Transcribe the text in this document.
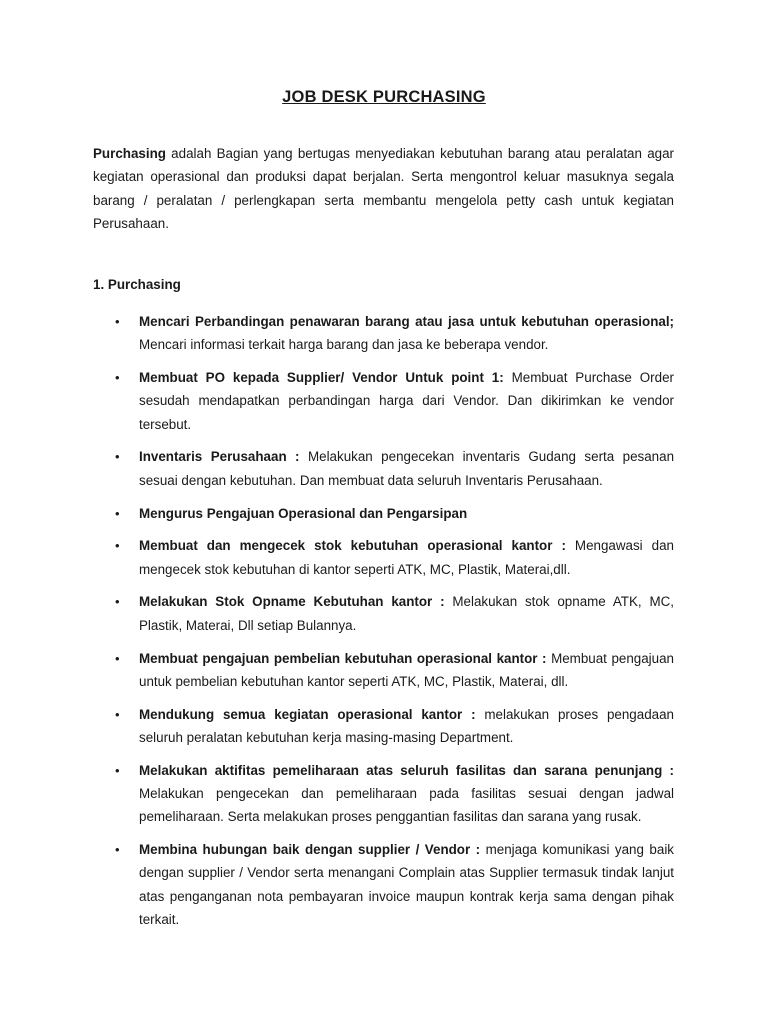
JOB DESK PURCHASING

Purchasing adalah Bagian yang bertugas menyediakan kebutuhan barang atau peralatan agar kegiatan operasional dan produksi dapat berjalan. Serta mengontrol keluar masuknya segala barang / peralatan / perlengkapan serta membantu mengelola petty cash untuk kegiatan Perusahaan.

1. Purchasing

• Mencari Perbandingan penawaran barang atau jasa untuk kebutuhan operasional; Mencari informasi terkait harga barang dan jasa ke beberapa vendor.
• Membuat PO kepada Supplier/ Vendor Untuk point 1: Membuat Purchase Order sesudah mendapatkan perbandingan harga dari Vendor. Dan dikirimkan ke vendor tersebut.
• Inventaris Perusahaan : Melakukan pengecekan inventaris Gudang serta pesanan sesuai dengan kebutuhan. Dan membuat data seluruh Inventaris Perusahaan.
• Mengurus Pengajuan Operasional dan Pengarsipan
• Membuat dan mengecek stok kebutuhan operasional kantor : Mengawasi dan mengecek stok kebutuhan di kantor seperti ATK, MC, Plastik, Materai,dll.
• Melakukan Stok Opname Kebutuhan kantor : Melakukan stok opname ATK, MC, Plastik, Materai, Dll setiap Bulannya.
• Membuat pengajuan pembelian kebutuhan operasional kantor : Membuat pengajuan untuk pembelian kebutuhan kantor seperti ATK, MC, Plastik, Materai, dll.
• Mendukung semua kegiatan operasional kantor : melakukan proses pengadaan seluruh peralatan kebutuhan kerja masing-masing Department.
• Melakukan aktifitas pemeliharaan atas seluruh fasilitas dan sarana penunjang : Melakukan pengecekan dan pemeliharaan pada fasilitas sesuai dengan jadwal pemeliharaan. Serta melakukan proses penggantian fasilitas dan sarana yang rusak.
• Membina hubungan baik dengan supplier / Vendor : menjaga komunikasi yang baik dengan supplier / Vendor serta menangani Complain atas Supplier termasuk tindak lanjut atas penganganan nota pembayaran invoice maupun kontrak kerja sama dengan pihak terkait.
